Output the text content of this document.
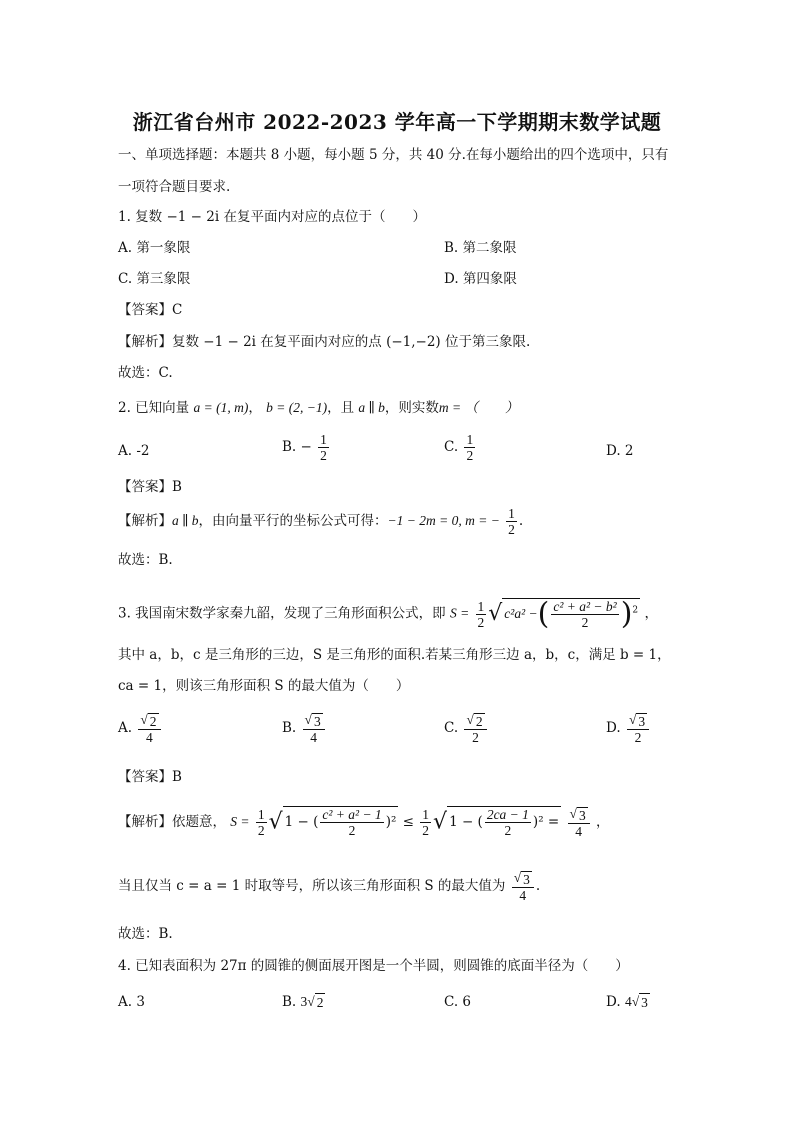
浙江省台州市 2022-2023 学年高一下学期期末数学试题
一、单项选择题：本题共 8 小题，每小题 5 分，共 40 分.在每小题给出的四个选项中，只有
一项符合题目要求.
1. 复数 −1 − 2i 在复平面内对应的点位于（　　）
A. 第一象限	B. 第二象限
C. 第三象限	D. 第四象限
【答案】C
【解析】复数 −1 − 2i 在复平面内对应的点 (−1,−2) 位于第三象限.
故选：C.
2. 已知向量 a = (1, m)， b = (2, −1)，且 a ∥ b，则实数m = （　　）
A. -2	B. − $\frac{1}{2}$	C. $\frac{1}{2}$	D. 2
【答案】B
【解析】a ∥ b，由向量平行的坐标公式可得：−1 − 2m = 0, m = − $\frac{1}{2}$ .
故选：B.
3. 我国南宋数学家秦九韶，发现了三角形面积公式，即 $S = \frac{1}{2}$ √ c²a² −( $\frac{\text{c² + a² − b²}}{2} )^2$ ，
其中 a，b，c 是三角形的三边，S 是三角形的面积.若某三角形三边 a，b，c，满足 b = 1，
ca = 1，则该三角形面积 S 的最大值为（　　）
A. $\frac{√ 2}{4}$	B. $\frac{√ 3}{4}$	C. $\frac{√ 2}{2}$	D. $\frac{√ 3}{2}$
【答案】B
【解析】依题意， $S = \frac{1}{2}$ √ 1 − ( $\frac{\text{c² + a² − 1}}{2} )^2 \le \frac{1}{2}$ √ 1 − ( $\frac{2ca - 1}{2} )^2 = \frac{√ 3}{4}$ ，
当且仅当 c = a = 1 时取等号，所以该三角形面积 S 的最大值为 $\frac{√ 3}{4}$ .
故选：B.
4. 已知表面积为 27π 的圆锥的侧面展开图是一个半圆，则圆锥的底面半径为（　　）
A. 3	B. 3√ 2	C. 6	D. 4√ 3
